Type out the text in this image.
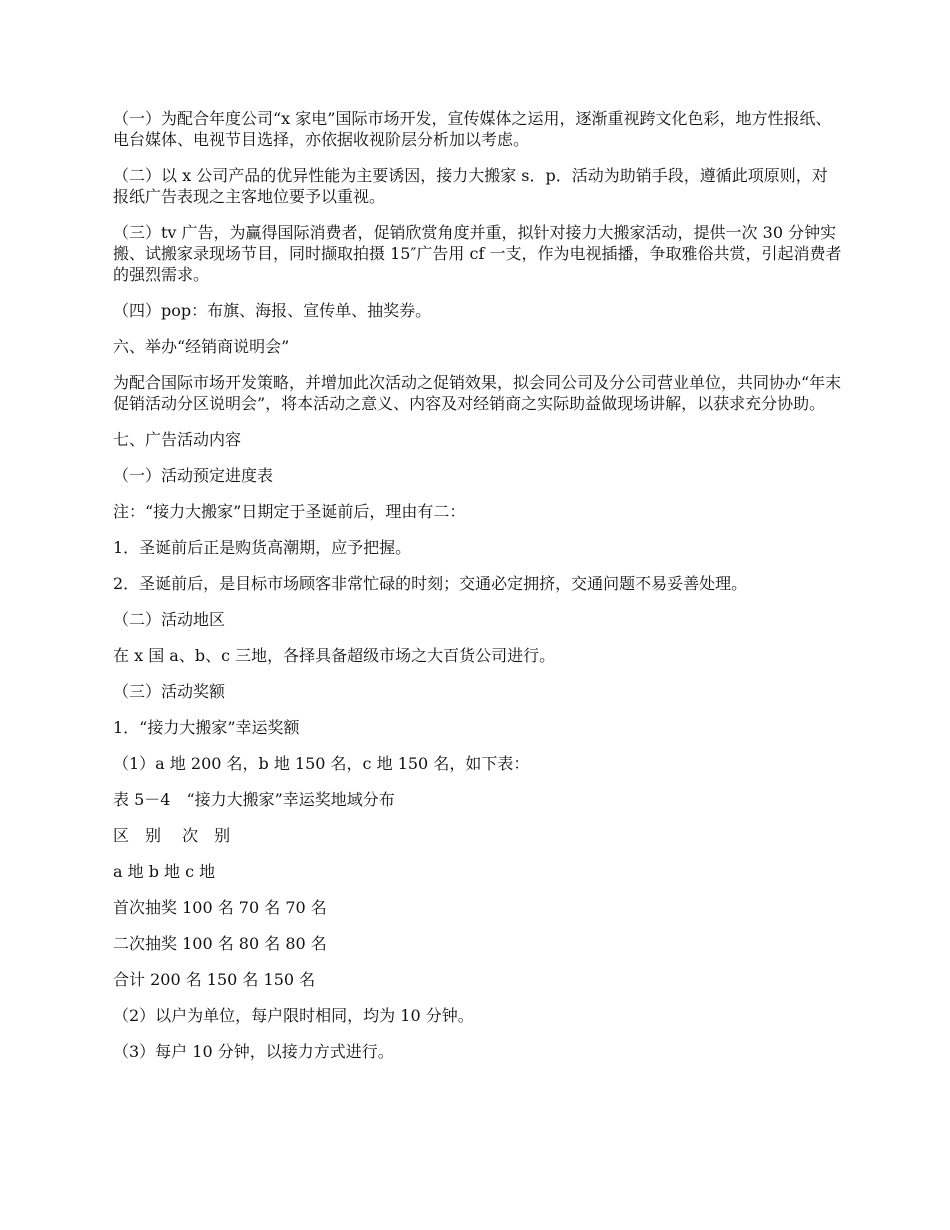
（一）为配合年度公司“x 家电”国际市场开发，宣传媒体之运用，逐渐重视跨文化色彩，地方性报纸、电台媒体、电视节目选择，亦依据收视阶层分析加以考虑。

（二）以 x 公司产品的优异性能为主要诱因，接力大搬家 s．p．活动为助销手段，遵循此项原则，对报纸广告表现之主客地位要予以重视。

（三）tv 广告，为赢得国际消费者，促销欣赏角度并重，拟针对接力大搬家活动，提供一次 30 分钟实搬、试搬家录现场节目，同时撷取拍摄 15″广告用 cf 一支，作为电视插播，争取雅俗共赏，引起消费者的强烈需求。

（四）pop：布旗、海报、宣传单、抽奖券。

六、举办“经销商说明会”

为配合国际市场开发策略，并增加此次活动之促销效果，拟会同公司及分公司营业单位，共同协办“年末促销活动分区说明会”，将本活动之意义、内容及对经销商之实际助益做现场讲解，以获求充分协助。

七、广告活动内容

（一）活动预定进度表

注：“接力大搬家”日期定于圣诞前后，理由有二：

1．圣诞前后正是购货高潮期，应予把握。

2．圣诞前后，是目标市场顾客非常忙碌的时刻；交通必定拥挤，交通问题不易妥善处理。

（二）活动地区

在 x 国 a、b、c 三地，各择具备超级市场之大百货公司进行。

（三）活动奖额

1．“接力大搬家”幸运奖额

（1）a 地 200 名，b 地 150 名，c 地 150 名，如下表：

表 5－4　“接力大搬家”幸运奖地域分布

区　别　 次　别

a 地 b 地 c 地

首次抽奖 100 名 70 名 70 名

二次抽奖 100 名 80 名 80 名

合计 200 名 150 名 150 名

（2）以户为单位，每户限时相同，均为 10 分钟。

（3）每户 10 分钟，以接力方式进行。
